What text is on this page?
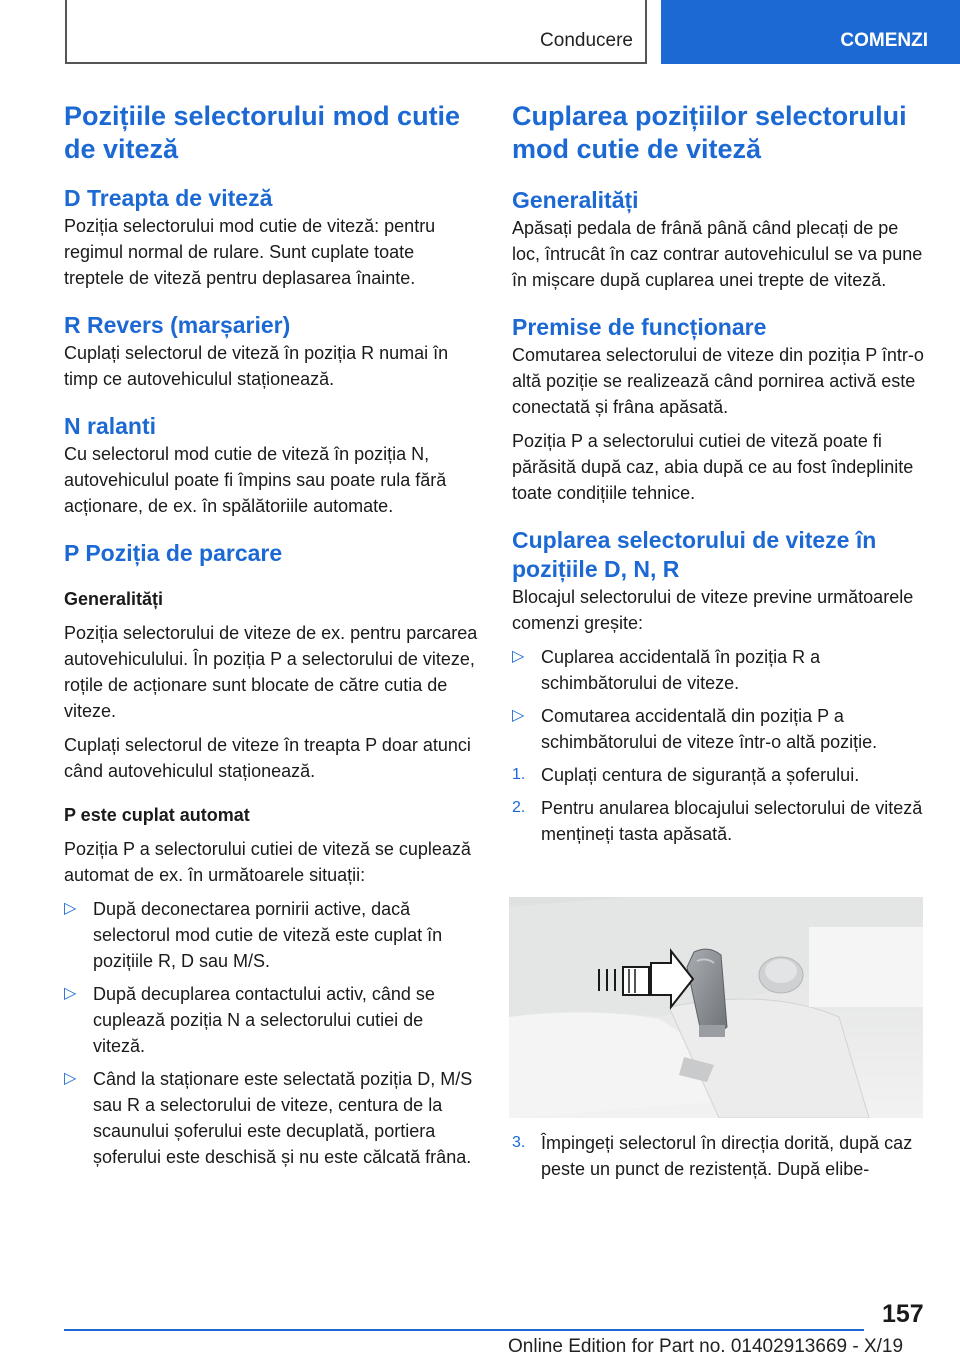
Conducere	COMENZI
Pozițiile selectorului mod cutie de viteză
D Treapta de viteză

Poziția selectorului mod cutie de viteză: pentru regimul normal de rulare. Sunt cuplate toate treptele de viteză pentru deplasarea înainte.

R Revers (marșarier)

Cuplați selectorul de viteză în poziția R numai în timp ce autovehiculul staționează.

N ralanti

Cu selectorul mod cutie de viteză în poziția N, autovehiculul poate fi împins sau poate rula fără acționare, de ex. în spălătoriile automate.

P Poziția de parcare
Generalități

Poziția selectorului de viteze de ex. pentru parcarea autovehiculului. În poziția P a selectorului de viteze, roțile de acționare sunt blocate de către cutia de viteze.

Cuplați selectorul de viteze în treapta P doar atunci când autovehiculul staționează.

P este cuplat automat

Poziția P a selectorului cutiei de viteză se cuplează automat de ex. în următoarele situații:

▷ După deconectarea pornirii active, dacă selectorul mod cutie de viteză este cuplat în pozițiile R, D sau M/S.
▷ După decuplarea contactului activ, când se cuplează poziția N a selectorului cutiei de viteză.
▷ Când la staționare este selectată poziția D, M/S sau R a selectorului de viteze, centura de la scaunului șoferului este decuplată, portiera șoferului este deschisă și nu este călcată frâna.
Cuplarea pozițiilor selectorului mod cutie de viteză
Generalități

Apăsați pedala de frână până când plecați de pe loc, întrucât în caz contrar autovehiculul se va pune în mișcare după cuplarea unei trepte de viteză.

Premise de funcționare

Comutarea selectorului de viteze din poziția P într-o altă poziție se realizează când pornirea activă este conectată și frâna apăsată.

Poziția P a selectorului cutiei de viteză poate fi părăsită după caz, abia după ce au fost îndeplinite toate condițiile tehnice.

Cuplarea selectorului de viteze în pozițiile D, N, R

Blocajul selectorului de viteze previne următoarele comenzi greșite:

▷ Cuplarea accidentală în poziția R a schimbătorului de viteze.
▷ Comutarea accidentală din poziția P a schimbătorului de viteze într-o altă poziție.
1. Cuplați centura de siguranță a șoferului.
2. Pentru anularea blocajului selectorului de viteză mențineți tasta apăsată.
3. Împingeți selectorul în direcția dorită, după caz peste un punct de rezistență. După elibe-
157
Online Edition for Part no. 01402913669 - X/19
